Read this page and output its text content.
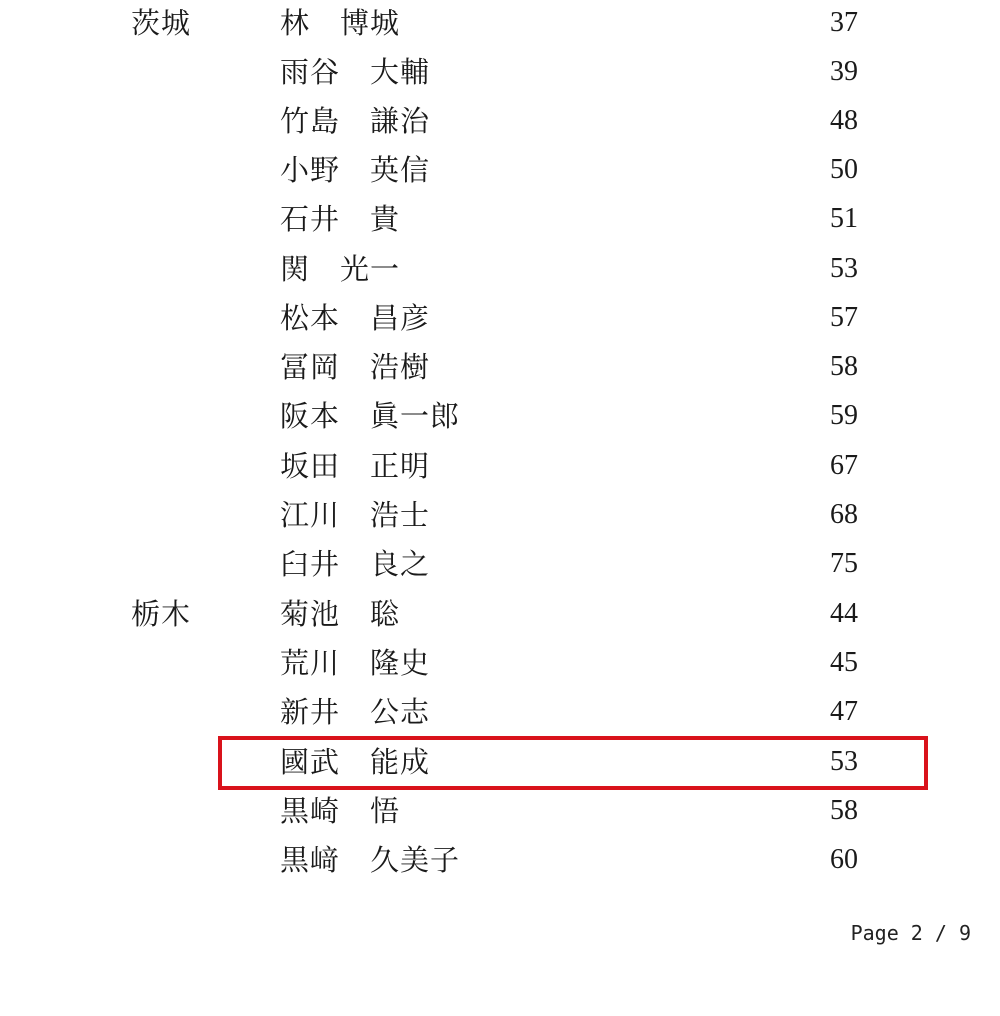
茨城	林　博城	37
雨谷　大輔	39
竹島　謙治	48
小野　英信	50
石井　貴	51
関　光一	53
松本　昌彦	57
冨岡　浩樹	58
阪本　眞一郎	59
坂田　正明	67
江川　浩士	68
臼井　良之	75
栃木	菊池　聡	44
荒川　隆史	45
新井　公志	47
國武　能成	53
黒崎　悟	58
黒﨑　久美子	60
Page 2 / 9
